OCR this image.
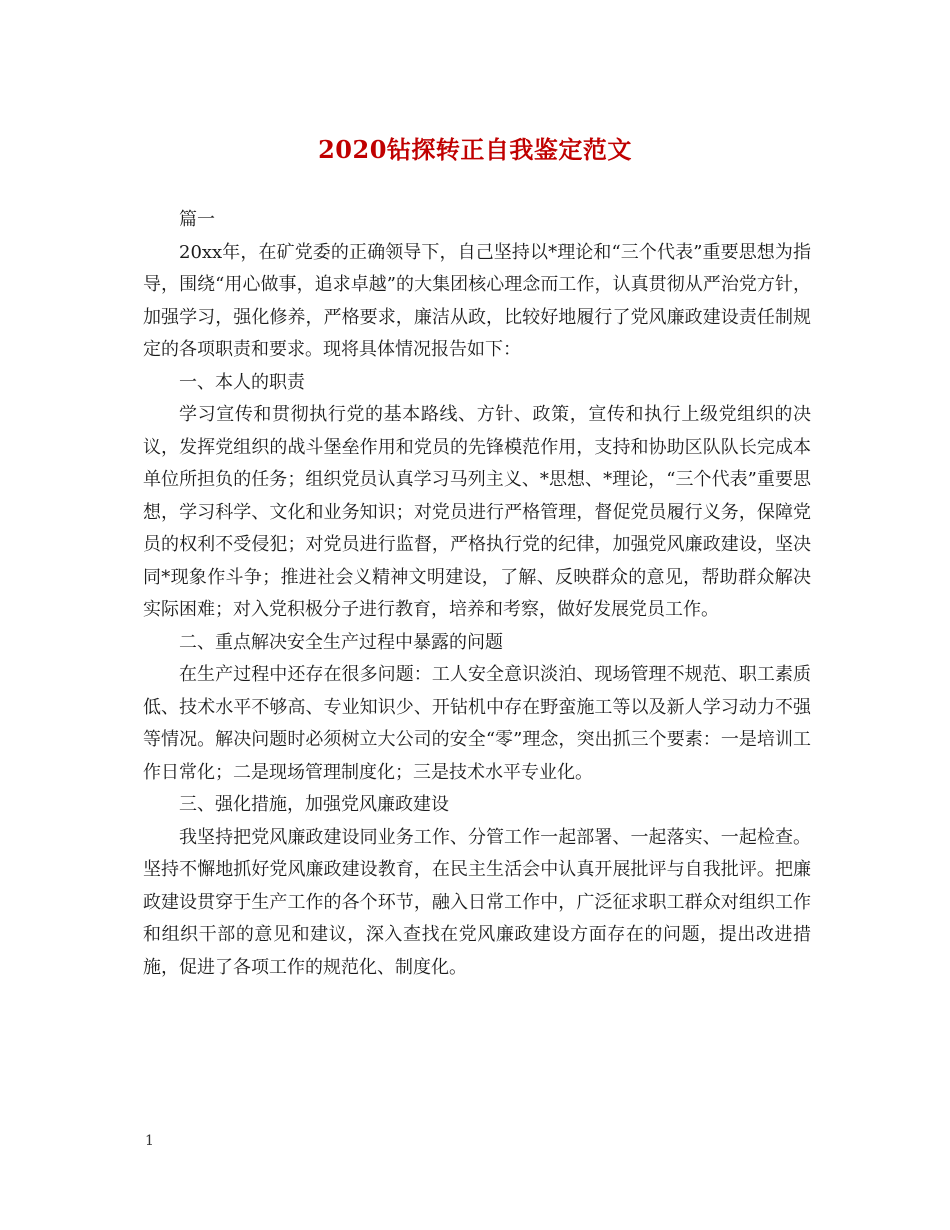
2020钻探转正自我鉴定范文

篇一

20xx年，在矿党委的正确领导下，自己坚持以*理论和“三个代表”重要思想为指导，围绕“用心做事，追求卓越”的大集团核心理念而工作，认真贯彻从严治党方针，加强学习，强化修养，严格要求，廉洁从政，比较好地履行了党风廉政建设责任制规定的各项职责和要求。现将具体情况报告如下：

一、本人的职责

学习宣传和贯彻执行党的基本路线、方针、政策，宣传和执行上级党组织的决议，发挥党组织的战斗堡垒作用和党员的先锋模范作用，支持和协助区队队长完成本单位所担负的任务；组织党员认真学习马列主义、*思想、*理论，“三个代表”重要思想，学习科学、文化和业务知识；对党员进行严格管理，督促党员履行义务，保障党员的权利不受侵犯；对党员进行监督，严格执行党的纪律，加强党风廉政建设，坚决同*现象作斗争；推进社会义精神文明建设，了解、反映群众的意见，帮助群众解决实际困难；对入党积极分子进行教育，培养和考察，做好发展党员工作。

二、重点解决安全生产过程中暴露的问题

在生产过程中还存在很多问题：工人安全意识淡泊、现场管理不规范、职工素质低、技术水平不够高、专业知识少、开钻机中存在野蛮施工等以及新人学习动力不强等情况。解决问题时必须树立大公司的安全“零”理念，突出抓三个要素：一是培训工作日常化；二是现场管理制度化；三是技术水平专业化。

三、强化措施，加强党风廉政建设

我坚持把党风廉政建设同业务工作、分管工作一起部署、一起落实、一起检查。坚持不懈地抓好党风廉政建设教育，在民主生活会中认真开展批评与自我批评。把廉政建设贯穿于生产工作的各个环节，融入日常工作中，广泛征求职工群众对组织工作和组织干部的意见和建议，深入查找在党风廉政建设方面存在的问题，提出改进措施，促进了各项工作的规范化、制度化。

1
